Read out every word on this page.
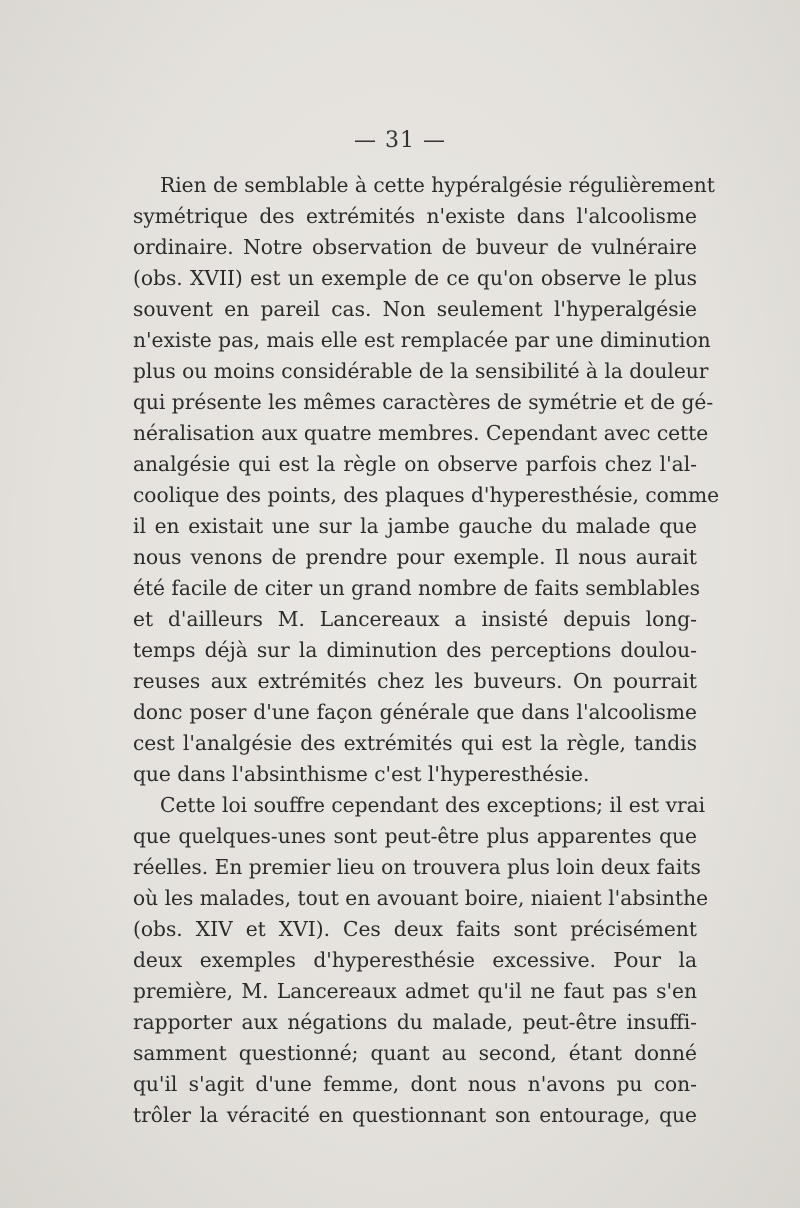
— 31 —
Rien de semblable à cette hypéralgésie régulièrement
symétrique des extrémités n'existe dans l'alcoolisme
ordinaire. Notre observation de buveur de vulnéraire
(obs. XVII) est un exemple de ce qu'on observe le plus
souvent en pareil cas. Non seulement l'hyperalgésie
n'existe pas, mais elle est remplacée par une diminution
plus ou moins considérable de la sensibilité à la douleur
qui présente les mêmes caractères de symétrie et de gé-
néralisation aux quatre membres. Cependant avec cette
analgésie qui est la règle on observe parfois chez l'al-
coolique des points, des plaques d'hyperesthésie, comme
il en existait une sur la jambe gauche du malade que
nous venons de prendre pour exemple. Il nous aurait
été facile de citer un grand nombre de faits semblables
et d'ailleurs M. Lancereaux a insisté depuis long-
temps déjà sur la diminution des perceptions doulou-
reuses aux extrémités chez les buveurs. On pourrait
donc poser d'une façon générale que dans l'alcoolisme
cest l'analgésie des extrémités qui est la règle, tandis
que dans l'absinthisme c'est l'hyperesthésie.
Cette loi souffre cependant des exceptions; il est vrai
que quelques-unes sont peut-être plus apparentes que
réelles. En premier lieu on trouvera plus loin deux faits
où les malades, tout en avouant boire, niaient l'absinthe
(obs. XIV et XVI). Ces deux faits sont précisément
deux exemples d'hyperesthésie excessive. Pour la
première, M. Lancereaux admet qu'il ne faut pas s'en
rapporter aux négations du malade, peut-être insuffi-
samment questionné; quant au second, étant donné
qu'il s'agit d'une femme, dont nous n'avons pu con-
trôler la véracité en questionnant son entourage, que
